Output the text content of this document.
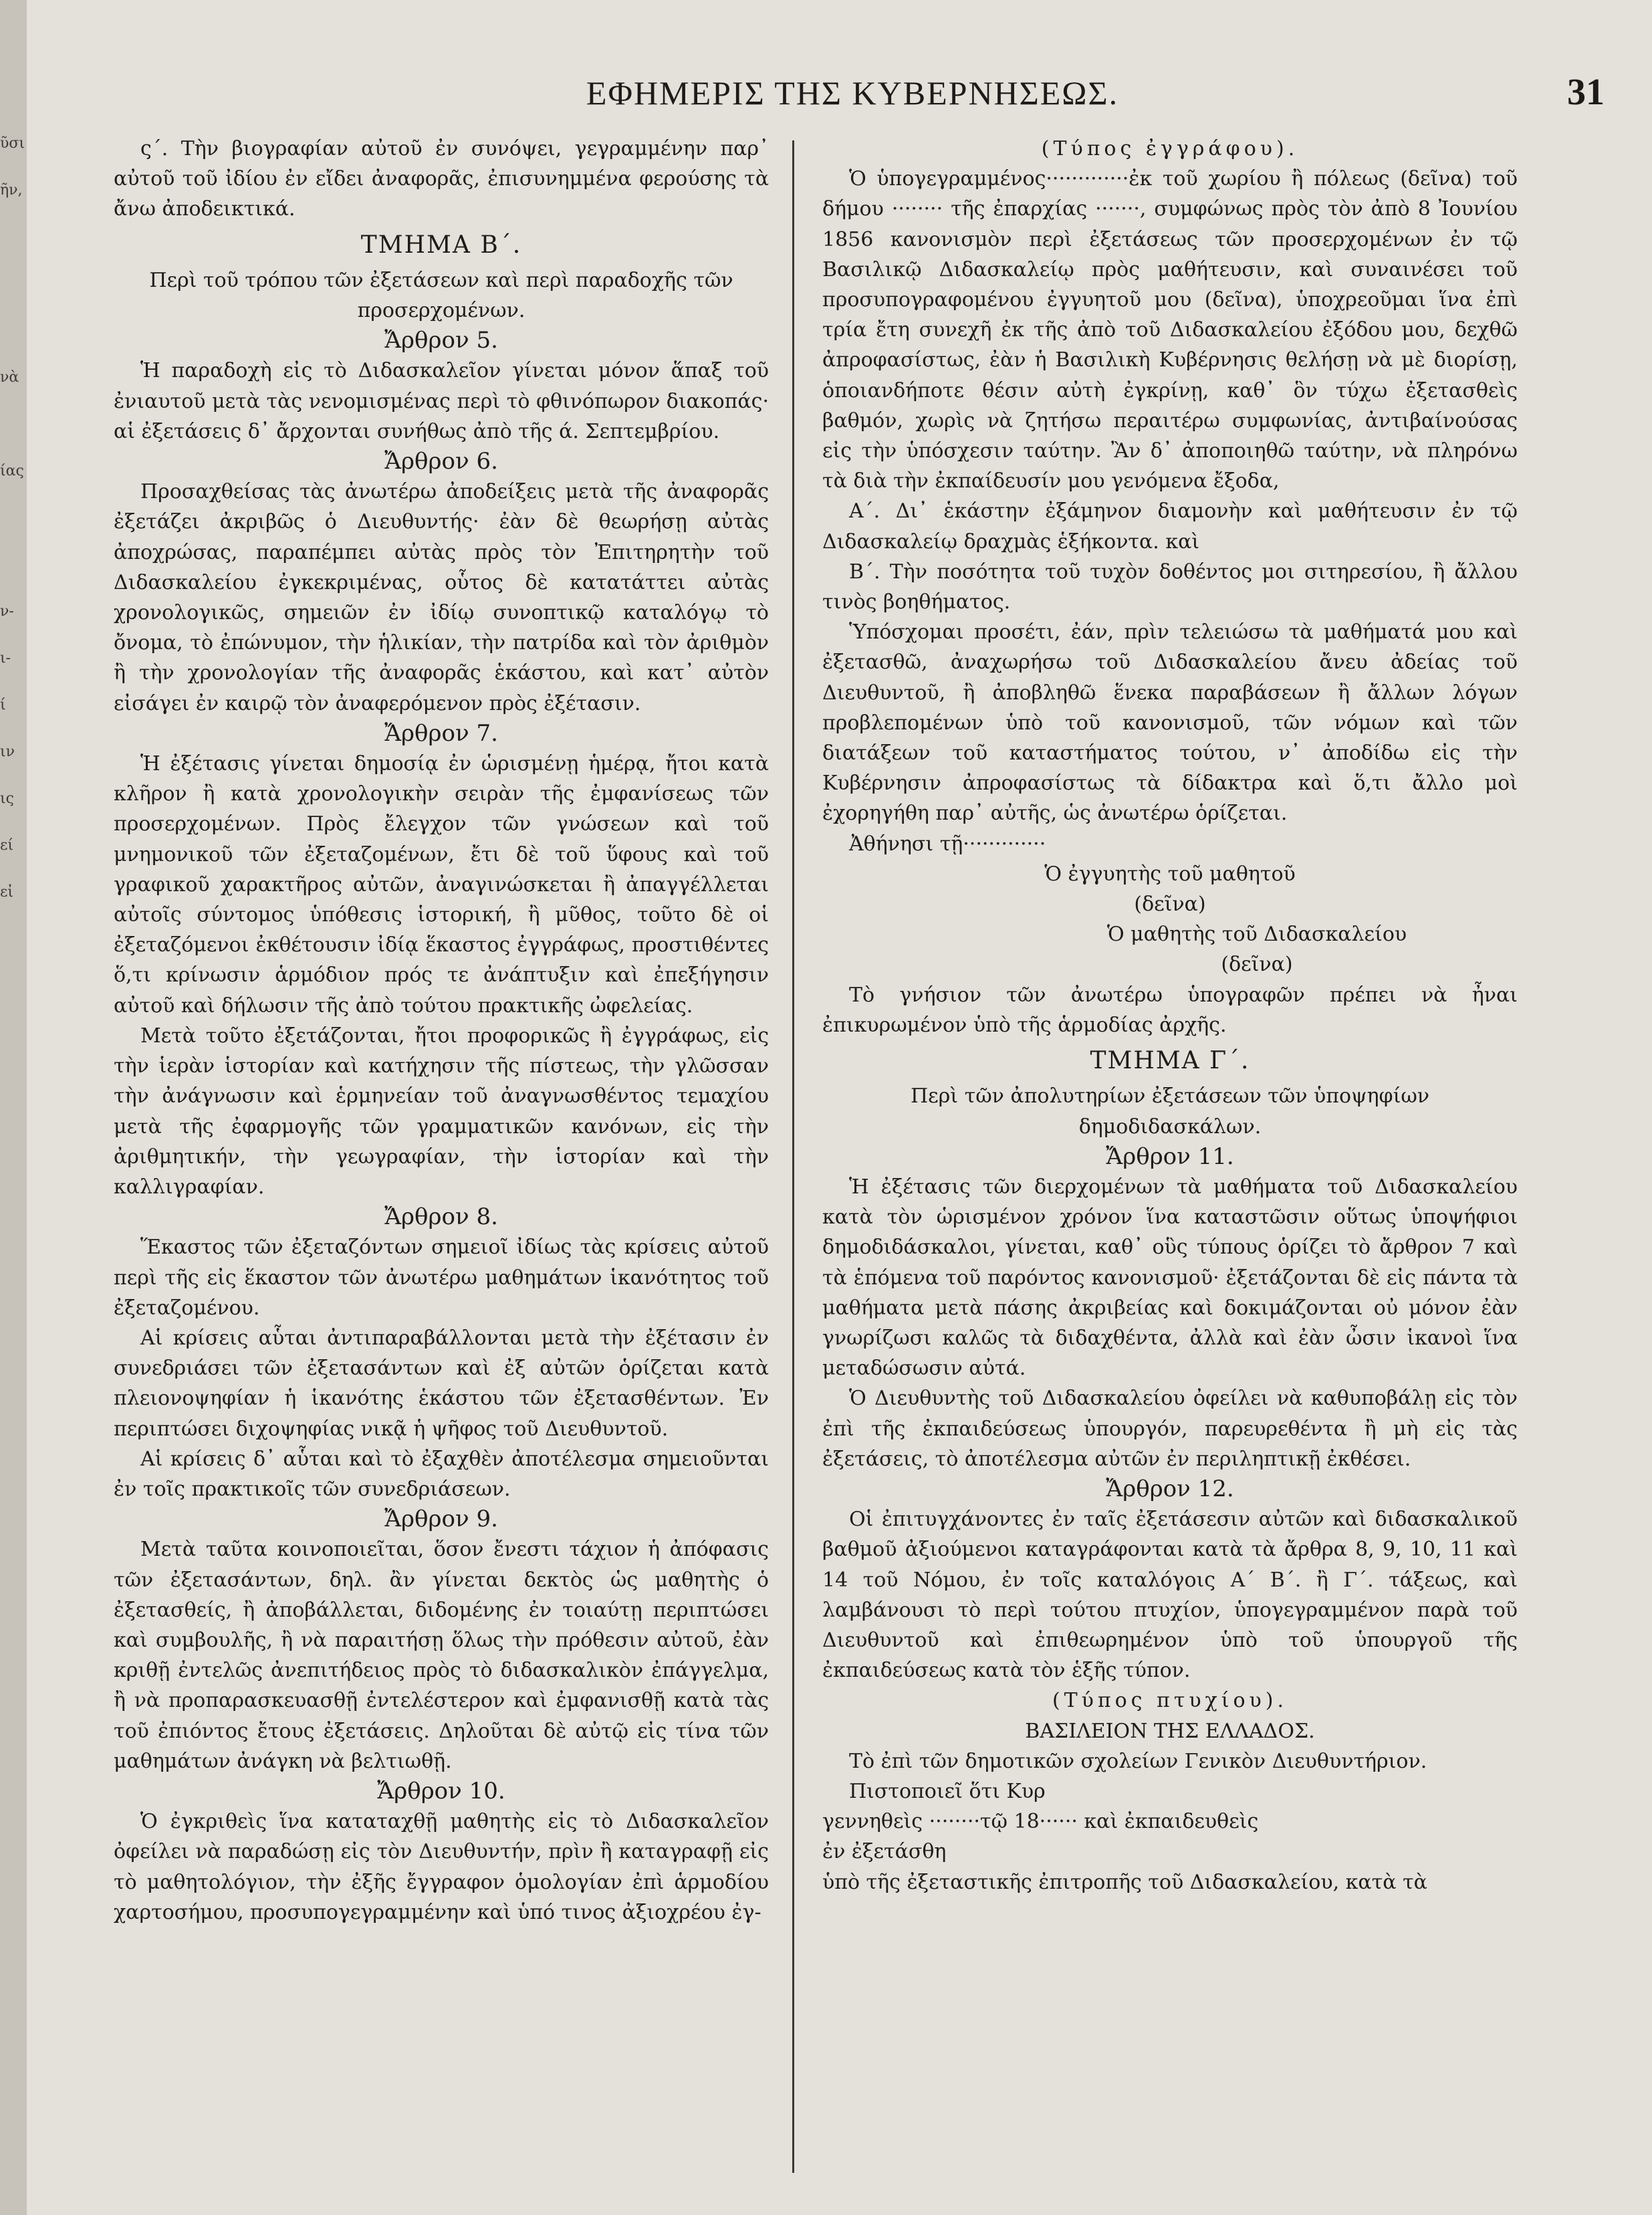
ῦσι
ῆν,
νὰ
ίας
ν-
ι-
ί
ιν
ις
εί
εἰ
ΕΦΗΜΕΡΙΣ ΤΗΣ ΚΥΒΕΡΝΗΣΕΩΣ.	31

ς΄. Τὴν βιογραφίαν αὐτοῦ ἐν συνόψει, γεγραμμένην παρ᾽ αὐτοῦ τοῦ ἰδίου ἐν εἴδει ἀναφορᾶς, ἐπισυνημμένα φερούσης τὰ ἄνω ἀποδεικτικά.

ΤΜΗΜΑ Β΄.

Περὶ τοῦ τρόπου τῶν ἐξετάσεων καὶ περὶ παραδοχῆς τῶν προσερχομένων.

Ἄρθρον 5.

Ἡ παραδοχὴ εἰς τὸ Διδασκαλεῖον γίνεται μόνον ἅπαξ τοῦ ἐνιαυτοῦ μετὰ τὰς νενομισμένας περὶ τὸ φθινόπωρον διακοπάς· αἱ ἐξετάσεις δ᾽ ἄρχονται συνήθως ἀπὸ τῆς ά. Σεπτεμβρίου.

Ἄρθρον 6.

Προσαχθείσας τὰς ἀνωτέρω ἀποδείξεις μετὰ τῆς ἀναφορᾶς ἐξετάζει ἀκριβῶς ὁ Διευθυντής· ἐὰν δὲ θεωρήσῃ αὐτὰς ἀποχρώσας, παραπέμπει αὐτὰς πρὸς τὸν Ἐπιτηρητὴν τοῦ Διδασκαλείου ἐγκεκριμένας, οὗτος δὲ κατατάττει αὐτὰς χρονολογικῶς, σημειῶν ἐν ἰδίῳ συνοπτικῷ καταλόγῳ τὸ ὄνομα, τὸ ἐπώνυμον, τὴν ἡλικίαν, τὴν πατρίδα καὶ τὸν ἀριθμὸν ἢ τὴν χρονολογίαν τῆς ἀναφορᾶς ἑκάστου, καὶ κατ᾽ αὐτὸν εἰσάγει ἐν καιρῷ τὸν ἀναφερόμενον πρὸς ἐξέτασιν.

Ἄρθρον 7.

Ἡ ἐξέτασις γίνεται δημοσίᾳ ἐν ὡρισμένῃ ἡμέρᾳ, ἤτοι κατὰ κλῆρον ἢ κατὰ χρονολογικὴν σειρὰν τῆς ἐμφανίσεως τῶν προσερχομένων. Πρὸς ἔλεγχον τῶν γνώσεων καὶ τοῦ μνημονικοῦ τῶν ἐξεταζομένων, ἔτι δὲ τοῦ ὕφους καὶ τοῦ γραφικοῦ χαρακτῆρος αὐτῶν, ἀναγινώσκεται ἢ ἀπαγγέλλεται αὐτοῖς σύντομος ὑπόθεσις ἱστορική, ἢ μῦθος, τοῦτο δὲ οἱ ἐξεταζόμενοι ἐκθέτουσιν ἰδίᾳ ἕκαστος ἐγγράφως, προστιθέντες ὅ,τι κρίνωσιν ἁρμόδιον πρός τε ἀνάπτυξιν καὶ ἐπεξήγησιν αὐτοῦ καὶ δήλωσιν τῆς ἀπὸ τούτου πρακτικῆς ὠφελείας.

Μετὰ τοῦτο ἐξετάζονται, ἤτοι προφορικῶς ἢ ἐγγράφως, εἰς τὴν ἱερὰν ἱστορίαν καὶ κατήχησιν τῆς πίστεως, τὴν γλῶσσαν τὴν ἀνάγνωσιν καὶ ἑρμηνείαν τοῦ ἀναγνωσθέντος τεμαχίου μετὰ τῆς ἐφαρμογῆς τῶν γραμματικῶν κανόνων, εἰς τὴν ἀριθμητικήν, τὴν γεωγραφίαν, τὴν ἱστορίαν καὶ τὴν καλλιγραφίαν.

Ἄρθρον 8.

Ἕκαστος τῶν ἐξεταζόντων σημειοῖ ἰδίως τὰς κρίσεις αὐτοῦ περὶ τῆς εἰς ἕκαστον τῶν ἀνωτέρω μαθημάτων ἱκανότητος τοῦ ἐξεταζομένου.

Αἱ κρίσεις αὗται ἀντιπαραβάλλονται μετὰ τὴν ἐξέτασιν ἐν συνεδριάσει τῶν ἐξετασάντων καὶ ἐξ αὐτῶν ὁρίζεται κατὰ πλειονοψηφίαν ἡ ἱκανότης ἑκάστου τῶν ἐξετασθέντων. Ἐν περιπτώσει διχοψηφίας νικᾷ ἡ ψῆφος τοῦ Διευθυντοῦ.

Αἱ κρίσεις δ᾽ αὗται καὶ τὸ ἐξαχθὲν ἀποτέλεσμα σημειοῦνται ἐν τοῖς πρακτικοῖς τῶν συνεδριάσεων.

Ἄρθρον 9.

Μετὰ ταῦτα κοινοποιεῖται, ὅσον ἔνεστι τάχιον ἡ ἀπόφασις τῶν ἐξετασάντων, δηλ. ἂν γίνεται δεκτὸς ὡς μαθητὴς ὁ ἐξετασθείς, ἢ ἀποβάλλεται, διδομένης ἐν τοιαύτῃ περιπτώσει καὶ συμβουλῆς, ἢ νὰ παραιτήσῃ ὅλως τὴν πρόθεσιν αὐτοῦ, ἐὰν κριθῇ ἐντελῶς ἀνεπιτήδειος πρὸς τὸ διδασκαλικὸν ἐπάγγελμα, ἢ νὰ προπαρασκευασθῇ ἐντελέστερον καὶ ἐμφανισθῇ κατὰ τὰς τοῦ ἐπιόντος ἔτους ἐξετάσεις. Δηλοῦται δὲ αὐτῷ εἰς τίνα τῶν μαθημάτων ἀνάγκη νὰ βελτιωθῇ.

Ἄρθρον 10.

Ὁ ἐγκριθεὶς ἵνα καταταχθῇ μαθητὴς εἰς τὸ Διδασκαλεῖον ὀφείλει νὰ παραδώσῃ εἰς τὸν Διευθυντήν, πρὶν ἢ καταγραφῇ εἰς τὸ μαθητολόγιον, τὴν ἐξῆς ἔγγραφον ὁμολογίαν ἐπὶ ἁρμοδίου χαρτοσήμου, προσυπογεγραμμένην καὶ ὑπό τινος ἀξιοχρέου ἐγ-

(Τύπος ἐγγράφου).

Ὁ ὑπογεγραμμένος·············ἐκ τοῦ χωρίου ἢ πόλεως (δεῖνα) τοῦ δήμου ········ τῆς ἐπαρχίας ·······, συμφώνως πρὸς τὸν ἀπὸ 8 Ἰουνίου 1856 κανονισμὸν περὶ ἐξετάσεως τῶν προσερχομένων ἐν τῷ Βασιλικῷ Διδασκαλείῳ πρὸς μαθήτευσιν, καὶ συναινέσει τοῦ προσυπογραφομένου ἐγγυητοῦ μου (δεῖνα), ὑποχρεοῦμαι ἵνα ἐπὶ τρία ἔτη συνεχῆ ἐκ τῆς ἀπὸ τοῦ Διδασκαλείου ἐξόδου μου, δεχθῶ ἀπροφασίστως, ἐὰν ἡ Βασιλικὴ Κυβέρνησις θελήσῃ νὰ μὲ διορίσῃ, ὁποιανδήποτε θέσιν αὐτὴ ἐγκρίνῃ, καθ᾽ ὃν τύχω ἐξετασθεὶς βαθμόν, χωρὶς νὰ ζητήσω περαιτέρω συμφωνίας, ἀντιβαίνούσας εἰς τὴν ὑπόσχεσιν ταύτην. Ἂν δ᾽ ἀποποιηθῶ ταύτην, νὰ πληρόνω τὰ διὰ τὴν ἐκπαίδευσίν μου γενόμενα ἔξοδα,

Α΄. Δι᾽ ἑκάστην ἐξάμηνον διαμονὴν καὶ μαθήτευσιν ἐν τῷ Διδασκαλείῳ δραχμὰς ἑξήκοντα. καὶ

Β΄. Τὴν ποσότητα τοῦ τυχὸν δοθέντος μοι σιτηρεσίου, ἢ ἄλλου τινὸς βοηθήματος.

Ὑπόσχομαι προσέτι, ἐάν, πρὶν τελειώσω τὰ μαθήματά μου καὶ ἐξετασθῶ, ἀναχωρήσω τοῦ Διδασκαλείου ἄνευ ἀδείας τοῦ Διευθυντοῦ, ἢ ἀποβληθῶ ἕνεκα παραβάσεων ἢ ἄλλων λόγων προβλεπομένων ὑπὸ τοῦ κανονισμοῦ, τῶν νόμων καὶ τῶν διατάξεων τοῦ καταστήματος τούτου, ν᾽ ἀποδίδω εἰς τὴν Κυβέρνησιν ἀπροφασίστως τὰ δίδακτρα καὶ ὅ,τι ἄλλο μοὶ ἐχορηγήθη παρ᾽ αὐτῆς, ὡς ἀνωτέρω ὁρίζεται.

Ἀθήνησι τῇ·············

Ὁ ἐγγυητὴς τοῦ μαθητοῦ
(δεῖνα)
Ὁ μαθητὴς τοῦ Διδασκαλείου
(δεῖνα)

Τὸ γνήσιον τῶν ἀνωτέρω ὑπογραφῶν πρέπει νὰ ἦναι ἐπικυρωμένον ὑπὸ τῆς ἁρμοδίας ἀρχῆς.

ΤΜΗΜΑ Γ΄.

Περὶ τῶν ἀπολυτηρίων ἐξετάσεων τῶν ὑποψηφίων δημοδιδασκάλων.

Ἄρθρον 11.

Ἡ ἐξέτασις τῶν διερχομένων τὰ μαθήματα τοῦ Διδασκαλείου κατὰ τὸν ὡρισμένον χρόνον ἵνα καταστῶσιν οὕτως ὑποψήφιοι δημοδιδάσκαλοι, γίνεται, καθ᾽ οὓς τύπους ὁρίζει τὸ ἄρθρον 7 καὶ τὰ ἑπόμενα τοῦ παρόντος κανονισμοῦ· ἐξετάζονται δὲ εἰς πάντα τὰ μαθήματα μετὰ πάσης ἀκριβείας καὶ δοκιμάζονται οὐ μόνον ἐὰν γνωρίζωσι καλῶς τὰ διδαχθέντα, ἀλλὰ καὶ ἐὰν ὦσιν ἱκανοὶ ἵνα μεταδώσωσιν αὐτά.

Ὁ Διευθυντὴς τοῦ Διδασκαλείου ὀφείλει νὰ καθυποβάλῃ εἰς τὸν ἐπὶ τῆς ἐκπαιδεύσεως ὑπουργόν, παρευρεθέντα ἢ μὴ εἰς τὰς ἐξετάσεις, τὸ ἀποτέλεσμα αὐτῶν ἐν περιληπτικῇ ἐκθέσει.

Ἄρθρον 12.

Οἱ ἐπιτυγχάνοντες ἐν ταῖς ἐξετάσεσιν αὐτῶν καὶ διδασκαλικοῦ βαθμοῦ ἀξιούμενοι καταγράφονται κατὰ τὰ ἄρθρα 8, 9, 10, 11 καὶ 14 τοῦ Νόμου, ἐν τοῖς καταλόγοις Α΄ Β΄. ἢ Γ΄. τάξεως, καὶ λαμβάνουσι τὸ περὶ τούτου πτυχίον, ὑπογεγραμμένον παρὰ τοῦ Διευθυντοῦ καὶ ἐπιθεωρημένον ὑπὸ τοῦ ὑπουργοῦ τῆς ἐκπαιδεύσεως κατὰ τὸν ἑξῆς τύπον.

(Τύπος πτυχίου).
ΒΑΣΙΛΕΙΟΝ ΤΗΣ ΕΛΛΑΔΟΣ.

Τὸ ἐπὶ τῶν δημοτικῶν σχολείων Γενικὸν Διευθυντήριον.

Πιστοποιεῖ ὅτι Κυρ

γεννηθεὶς ········τῷ 18······ καὶ ἐκπαιδευθεὶς

ἐν ἐξετάσθη

ὑπὸ τῆς ἐξεταστικῆς ἐπιτροπῆς τοῦ Διδασκαλείου, κατὰ τὰ
